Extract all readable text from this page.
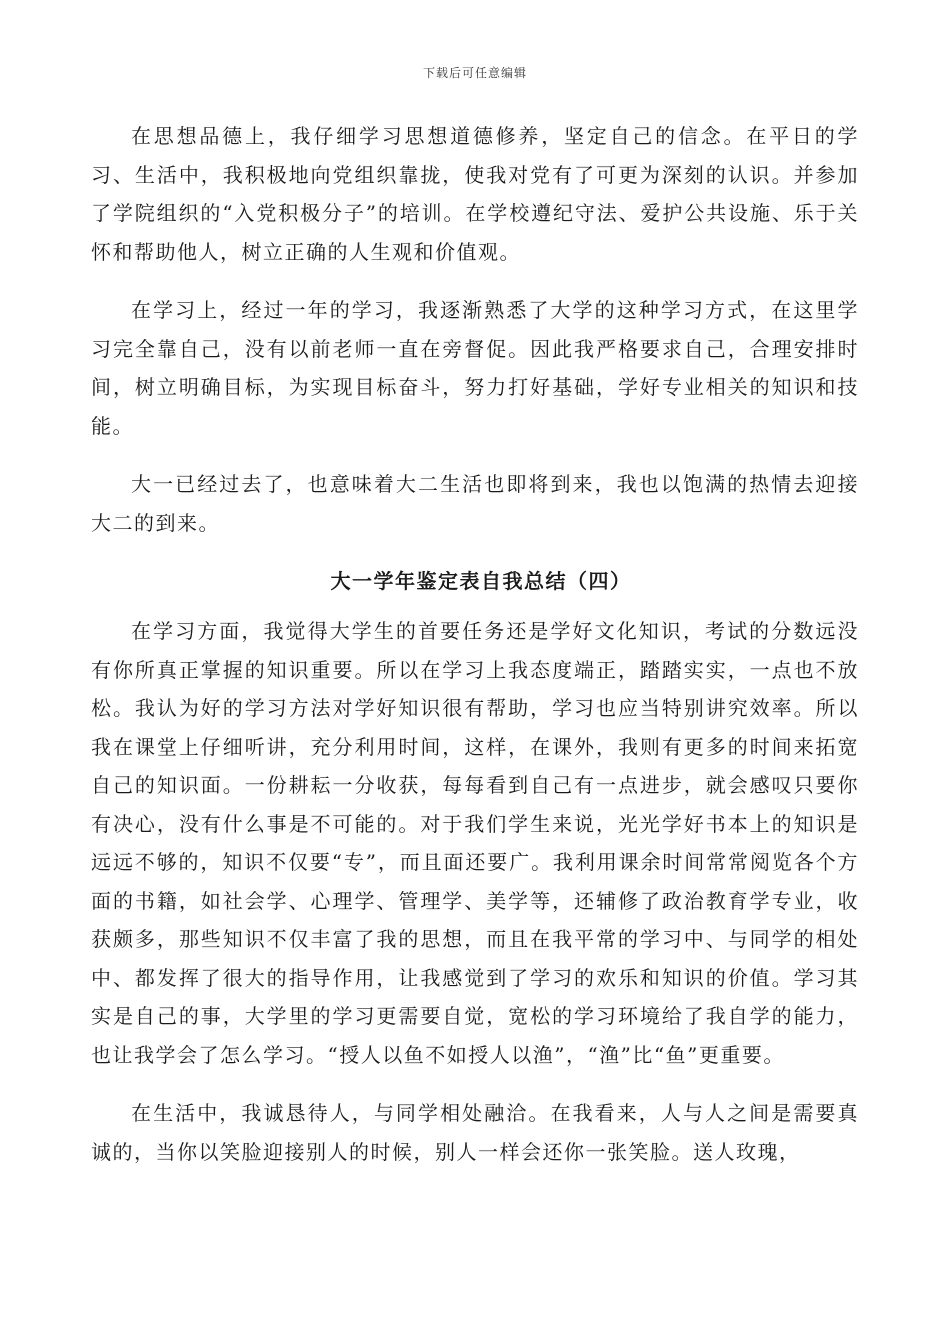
下载后可任意编辑

在思想品德上，我仔细学习思想道德修养，坚定自己的信念。在平日的学习、生活中，我积极地向党组织靠拢，使我对党有了可更为深刻的认识。并参加了学院组织的“入党积极分子”的培训。在学校遵纪守法、爱护公共设施、乐于关怀和帮助他人，树立正确的人生观和价值观。

在学习上，经过一年的学习，我逐渐熟悉了大学的这种学习方式，在这里学习完全靠自己，没有以前老师一直在旁督促。因此我严格要求自己，合理安排时间，树立明确目标，为实现目标奋斗，努力打好基础，学好专业相关的知识和技能。

大一已经过去了，也意味着大二生活也即将到来，我也以饱满的热情去迎接大二的到来。

大一学年鉴定表自我总结（四）

在学习方面，我觉得大学生的首要任务还是学好文化知识，考试的分数远没有你所真正掌握的知识重要。所以在学习上我态度端正，踏踏实实，一点也不放松。我认为好的学习方法对学好知识很有帮助，学习也应当特别讲究效率。所以我在课堂上仔细听讲，充分利用时间，这样，在课外，我则有更多的时间来拓宽自己的知识面。一份耕耘一分收获，每每看到自己有一点进步，就会感叹只要你有决心，没有什么事是不可能的。对于我们学生来说，光光学好书本上的知识是远远不够的，知识不仅要“专”，而且面还要广。我利用课余时间常常阅览各个方面的书籍，如社会学、心理学、管理学、美学等，还辅修了政治教育学专业，收获颇多，那些知识不仅丰富了我的思想，而且在我平常的学习中、与同学的相处中、都发挥了很大的指导作用，让我感觉到了学习的欢乐和知识的价值。学习其实是自己的事，大学里的学习更需要自觉，宽松的学习环境给了我自学的能力，也让我学会了怎么学习。“授人以鱼不如授人以渔”，“渔”比“鱼”更重要。

在生活中，我诚恳待人，与同学相处融洽。在我看来，人与人之间是需要真诚的，当你以笑脸迎接别人的时候，别人一样会还你一张笑脸。送人玫瑰，
